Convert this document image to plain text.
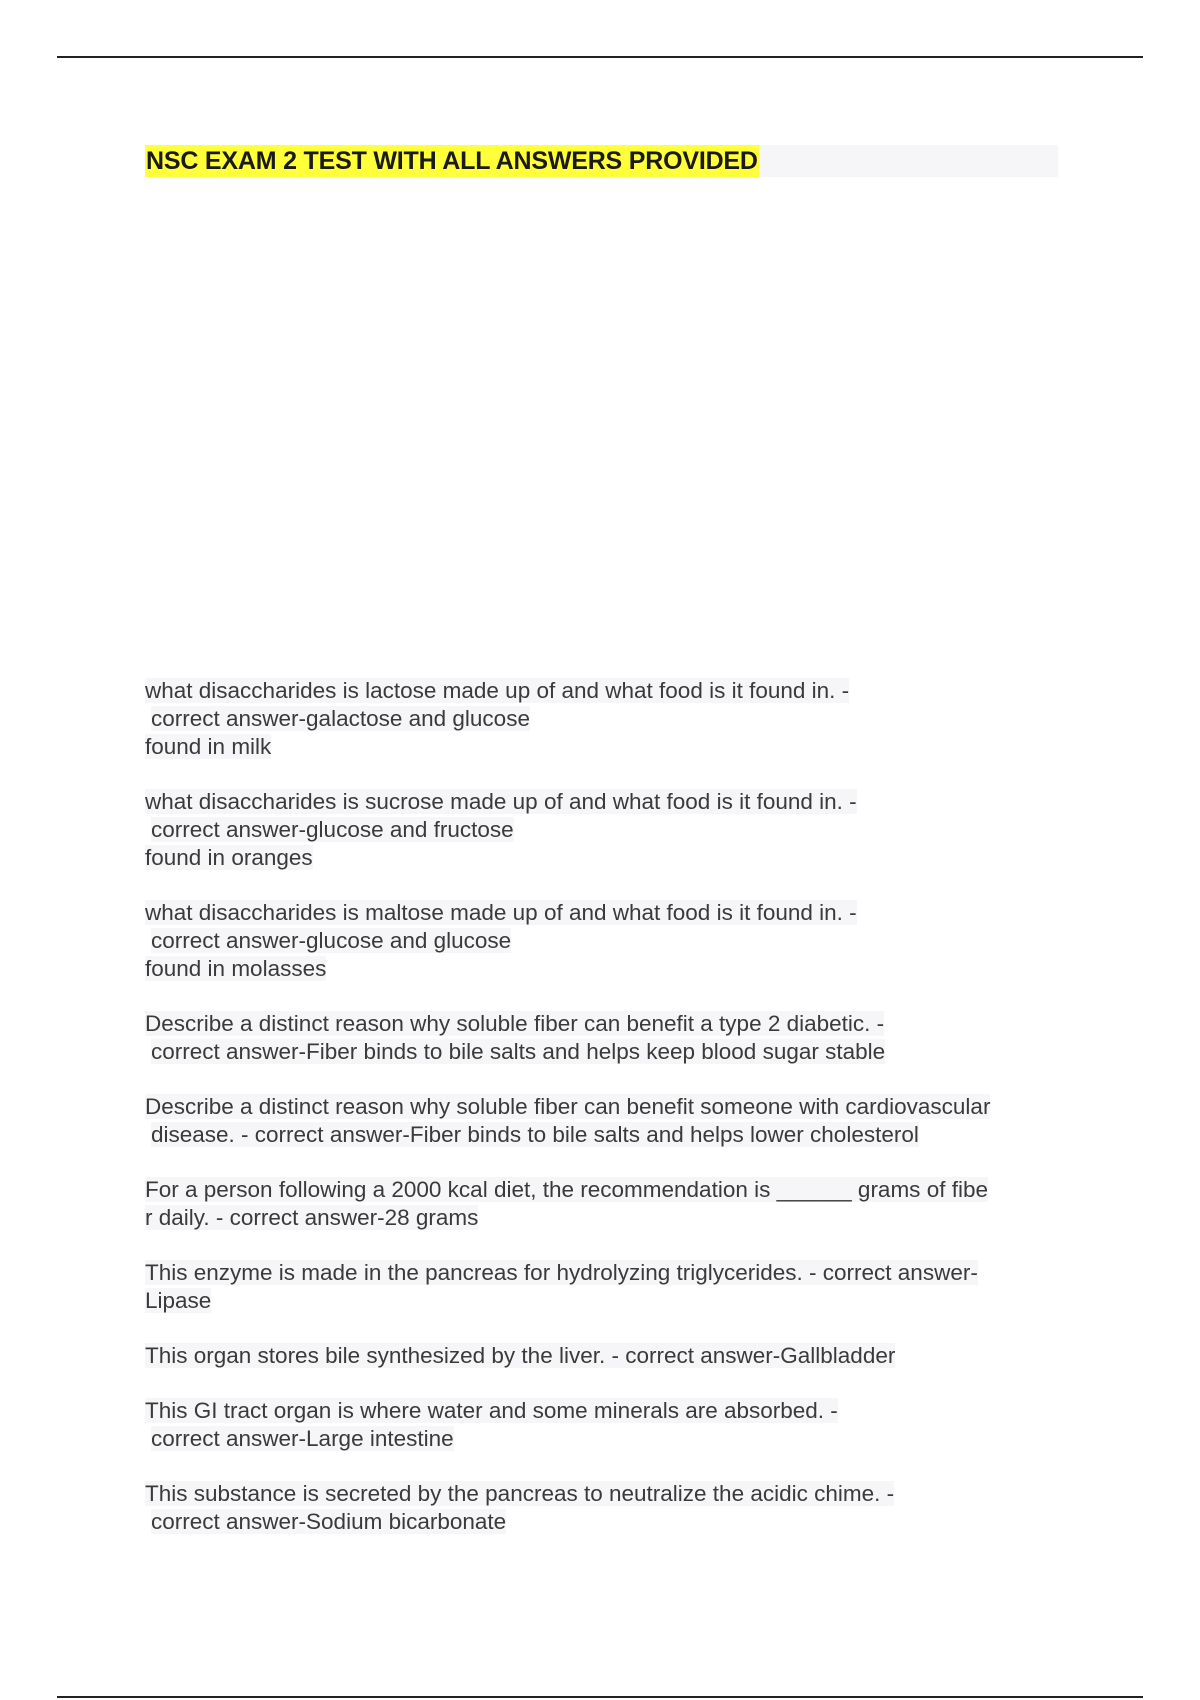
NSC EXAM 2 TEST WITH ALL ANSWERS PROVIDED
what disaccharides is lactose made up of and what food is it found in. -
correct answer-galactose and glucose
found in milk
what disaccharides is sucrose made up of and what food is it found in. -
correct answer-glucose and fructose
found in oranges
what disaccharides is maltose made up of and what food is it found in. -
correct answer-glucose and glucose
found in molasses
Describe a distinct reason why soluble fiber can benefit a type 2 diabetic. -
correct answer-Fiber binds to bile salts and helps keep blood sugar stable
Describe a distinct reason why soluble fiber can benefit someone with cardiovascular
disease. - correct answer-Fiber binds to bile salts and helps lower cholesterol
For a person following a 2000 kcal diet, the recommendation is ______ grams of fibe
r daily. - correct answer-28 grams
This enzyme is made in the pancreas for hydrolyzing triglycerides. - correct answer-
Lipase
This organ stores bile synthesized by the liver. - correct answer-Gallbladder
This GI tract organ is where water and some minerals are absorbed. -
correct answer-Large intestine
This substance is secreted by the pancreas to neutralize the acidic chime. -
correct answer-Sodium bicarbonate
